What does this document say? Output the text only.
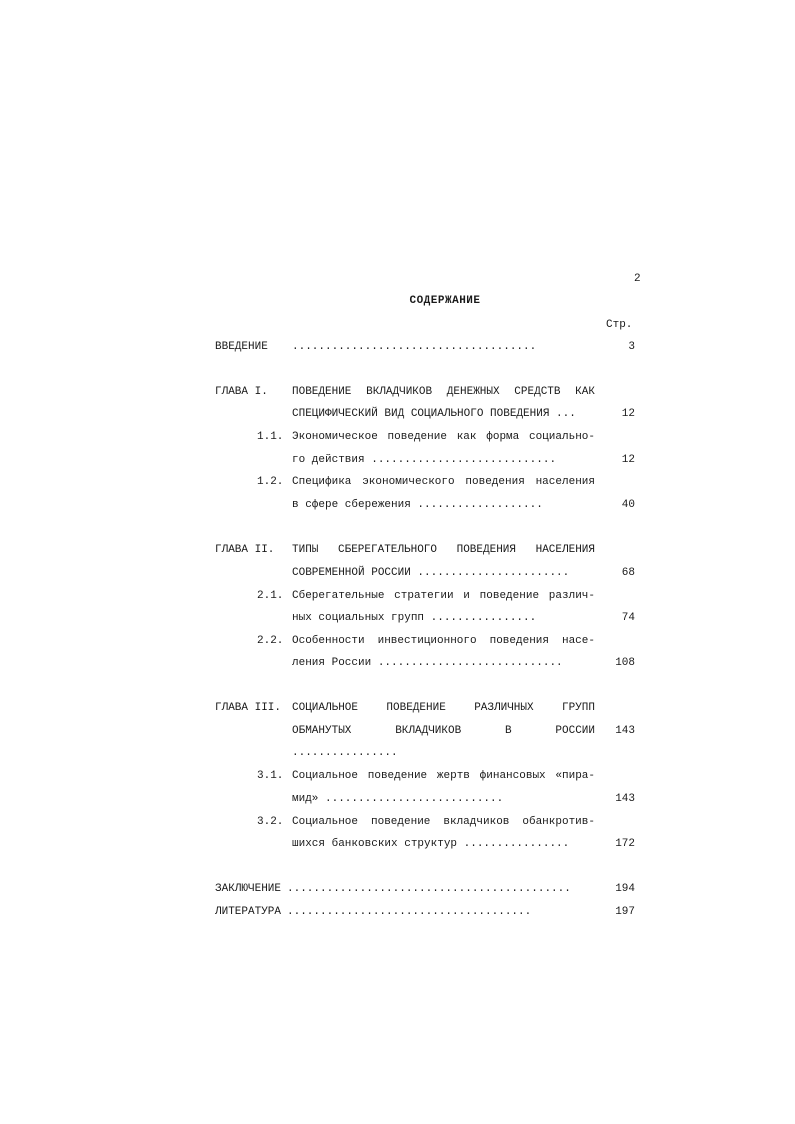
2
СОДЕРЖАНИЕ
Стр.
ВВЕДЕНИЕ .....................................	3
ГЛАВА I. ПОВЕДЕНИЕ ВКЛАДЧИКОВ ДЕНЕЖНЫХ СРЕДСТВ КАК
СПЕЦИФИЧЕСКИЙ ВИД СОЦИАЛЬНОГО ПОВЕДЕНИЯ ...	12
1.1. Экономическое поведение как форма социально-
го действия ............................	12
1.2. Специфика экономического поведения населения
в сфере сбережения ...................	40
ГЛАВА II. ТИПЫ СБЕРЕГАТЕЛЬНОГО ПОВЕДЕНИЯ НАСЕЛЕНИЯ
СОВРЕМЕННОЙ РОССИИ .......................	68
2.1. Сберегательные стратегии и поведение различ-
ных социальных групп ................	74
2.2. Особенности инвестиционного поведения насе-
ления России ............................	108
ГЛАВА III. СОЦИАЛЬНОЕ ПОВЕДЕНИЕ РАЗЛИЧНЫХ ГРУПП
ОБМАНУТЫХ ВКЛАДЧИКОВ В РОССИИ 143
................
3.1. Социальное поведение жертв финансовых «пира-
мид» ...........................	143
3.2. Социальное поведение вкладчиков обанкротив-
шихся банковских структур ................	172
ЗАКЛЮЧЕНИЕ ...........................................	194
ЛИТЕРАТУРА .....................................	197
